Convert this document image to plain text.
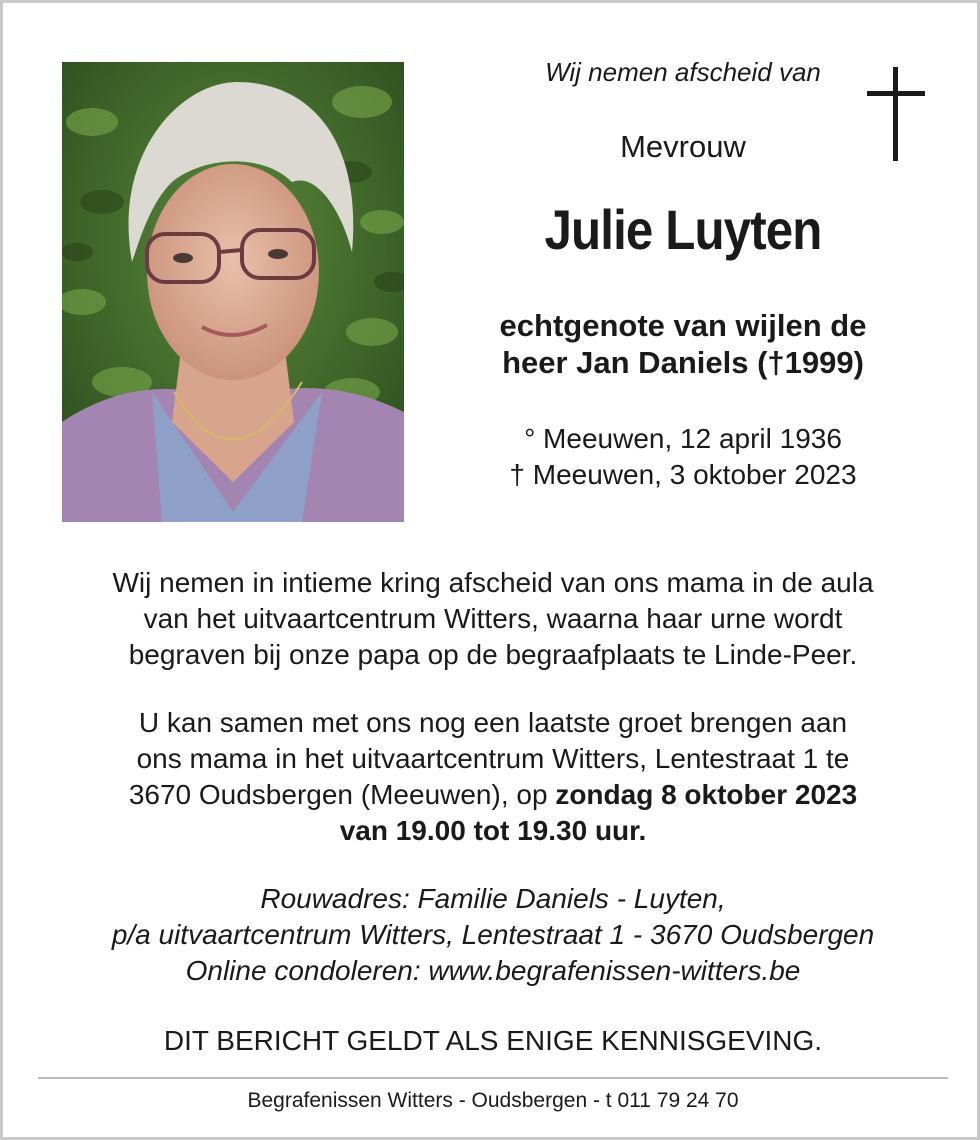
Wij nemen afscheid van
Mevrouw
Julie Luyten
echtgenote van wijlen de
heer Jan Daniels (†1999)
° Meeuwen, 12 april 1936
† Meeuwen, 3 oktober 2023
Wij nemen in intieme kring afscheid van ons mama in de aula
van het uitvaartcentrum Witters, waarna haar urne wordt
begraven bij onze papa op de begraafplaats te Linde-Peer.
U kan samen met ons nog een laatste groet brengen aan
ons mama in het uitvaartcentrum Witters, Lentestraat 1 te
3670 Oudsbergen (Meeuwen), op zondag 8 oktober 2023
van 19.00 tot 19.30 uur.
Rouwadres: Familie Daniels - Luyten,
p/a uitvaartcentrum Witters, Lentestraat 1 - 3670 Oudsbergen
Online condoleren: www.begrafenissen-witters.be
DIT BERICHT GELDT ALS ENIGE KENNISGEVING.
Begrafenissen Witters - Oudsbergen - t 011 79 24 70
